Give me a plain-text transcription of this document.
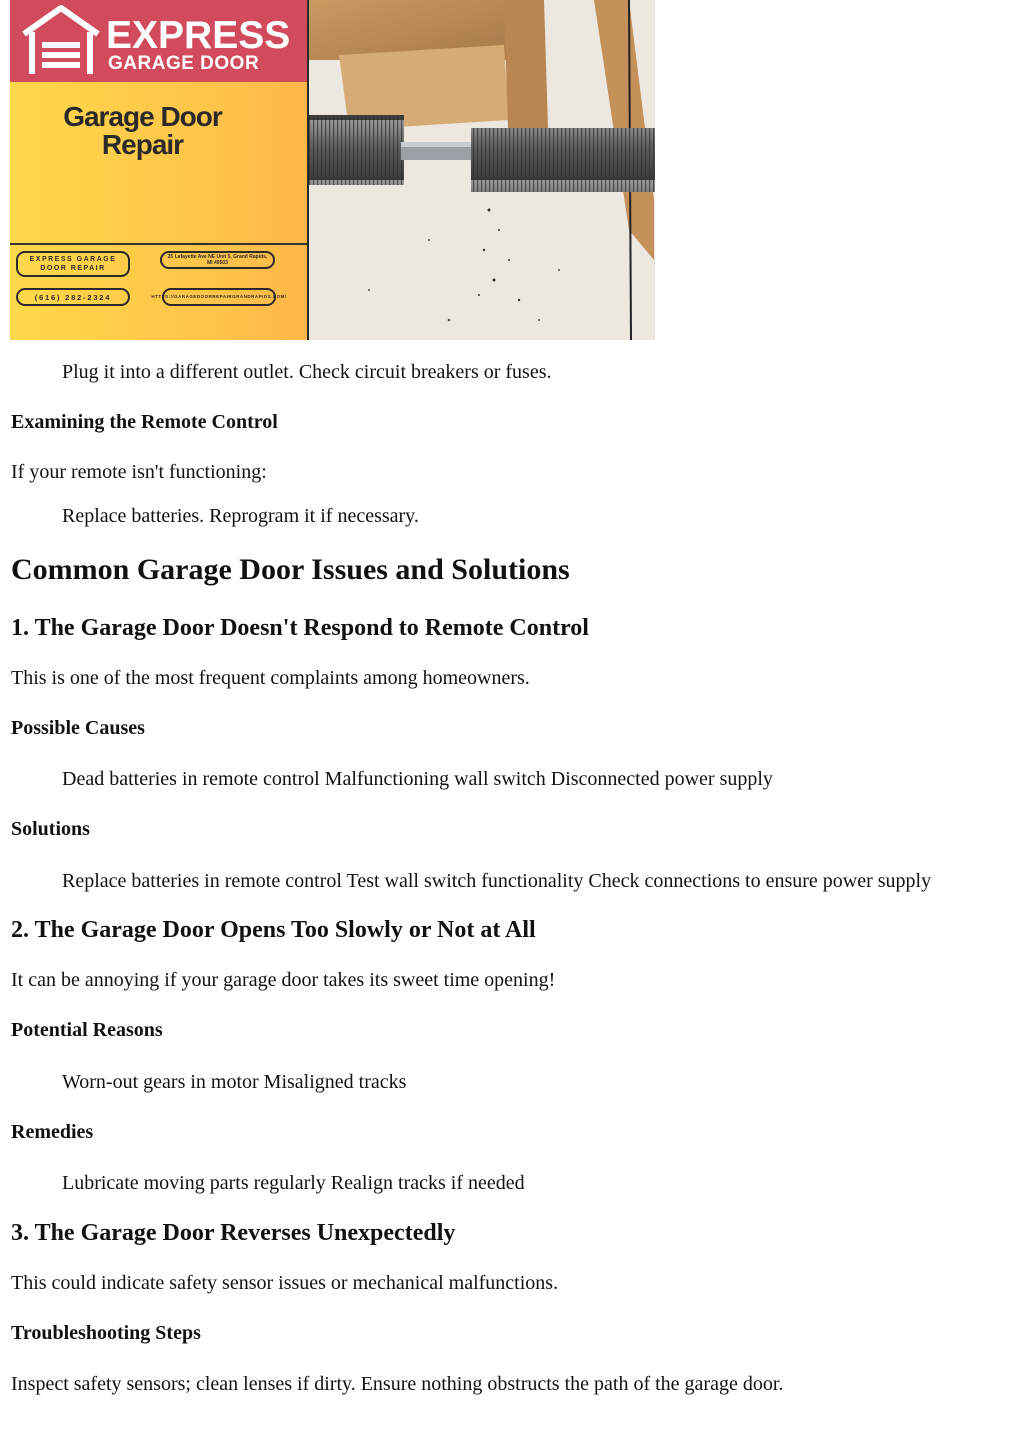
EXPRESS
GARAGE DOOR
Garage Door
Repair
EXPRESS GARAGE DOOR REPAIR
25 Lafayette Ave NE Unit 5, Grand Rapids, MI 49503
(616) 282-2324	HTTPS://GARAGEDOORREPAIRGRANDRAPIDS.COM/

Plug it into a different outlet. Check circuit breakers or fuses.

Examining the Remote Control

If your remote isn't functioning:

Replace batteries. Reprogram it if necessary.

Common Garage Door Issues and Solutions
1. The Garage Door Doesn't Respond to Remote Control

This is one of the most frequent complaints among homeowners.

Possible Causes

Dead batteries in remote control Malfunctioning wall switch Disconnected power supply

Solutions

Replace batteries in remote control Test wall switch functionality Check connections to ensure power supply

2. The Garage Door Opens Too Slowly or Not at All

It can be annoying if your garage door takes its sweet time opening!

Potential Reasons

Worn-out gears in motor Misaligned tracks

Remedies

Lubricate moving parts regularly Realign tracks if needed

3. The Garage Door Reverses Unexpectedly

This could indicate safety sensor issues or mechanical malfunctions.

Troubleshooting Steps

Inspect safety sensors; clean lenses if dirty. Ensure nothing obstructs the path of the garage door.
